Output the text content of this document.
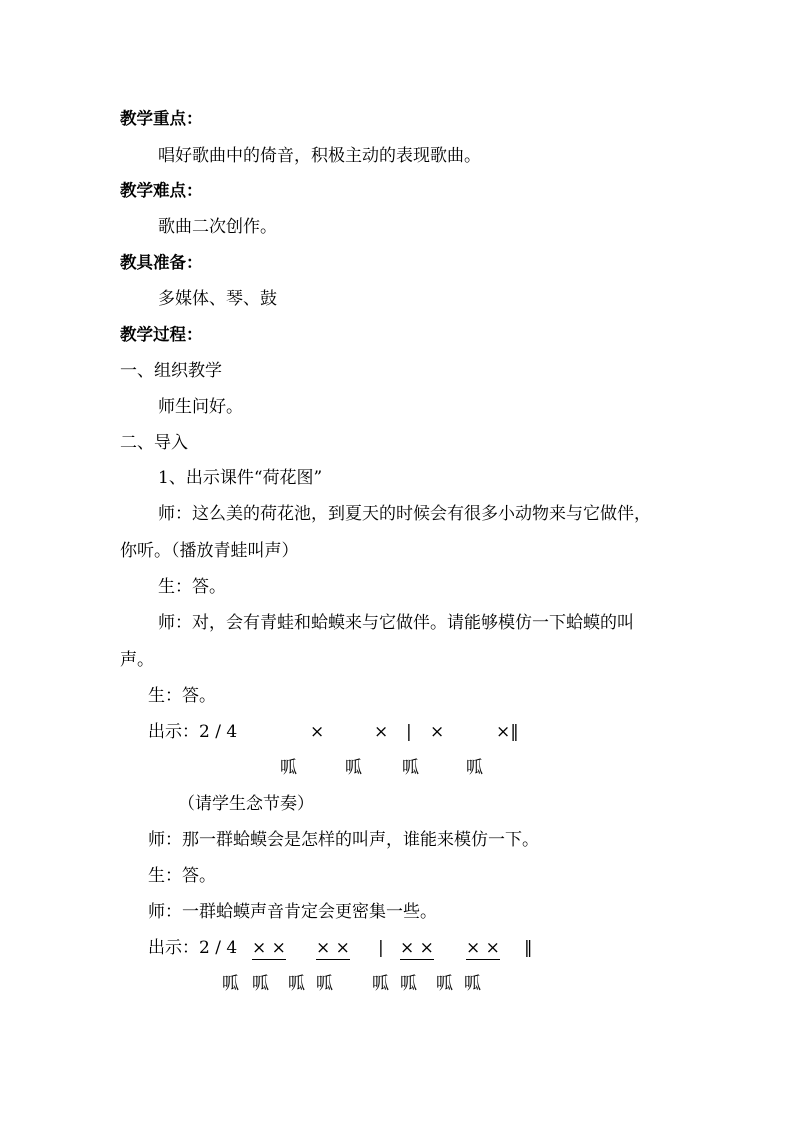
教学重点：
唱好歌曲中的倚音，积极主动的表现歌曲。
教学难点：
歌曲二次创作。
教具准备：
多媒体、琴、鼓
教学过程：
一、组织教学
师生问好。
二、导入
1、出示课件“荷花图”
师：这么美的荷花池，到夏天的时候会有很多小动物来与它做伴，
你听。（播放青蛙叫声）
生：答。
师：对，会有青蛙和蛤蟆来与它做伴。请能够模仿一下蛤蟆的叫
声。
生：答。
出示：2 / 4	×	× | ×	×‖
呱	呱 呱	呱
（请学生念节奏）
师：那一群蛤蟆会是怎样的叫声，谁能来模仿一下。
生：答。
师：一群蛤蟆声音肯定会更密集一些。
出示：2 / 4 × × × × | × × × × ‖
呱 呱 呱 呱 呱 呱 呱 呱
